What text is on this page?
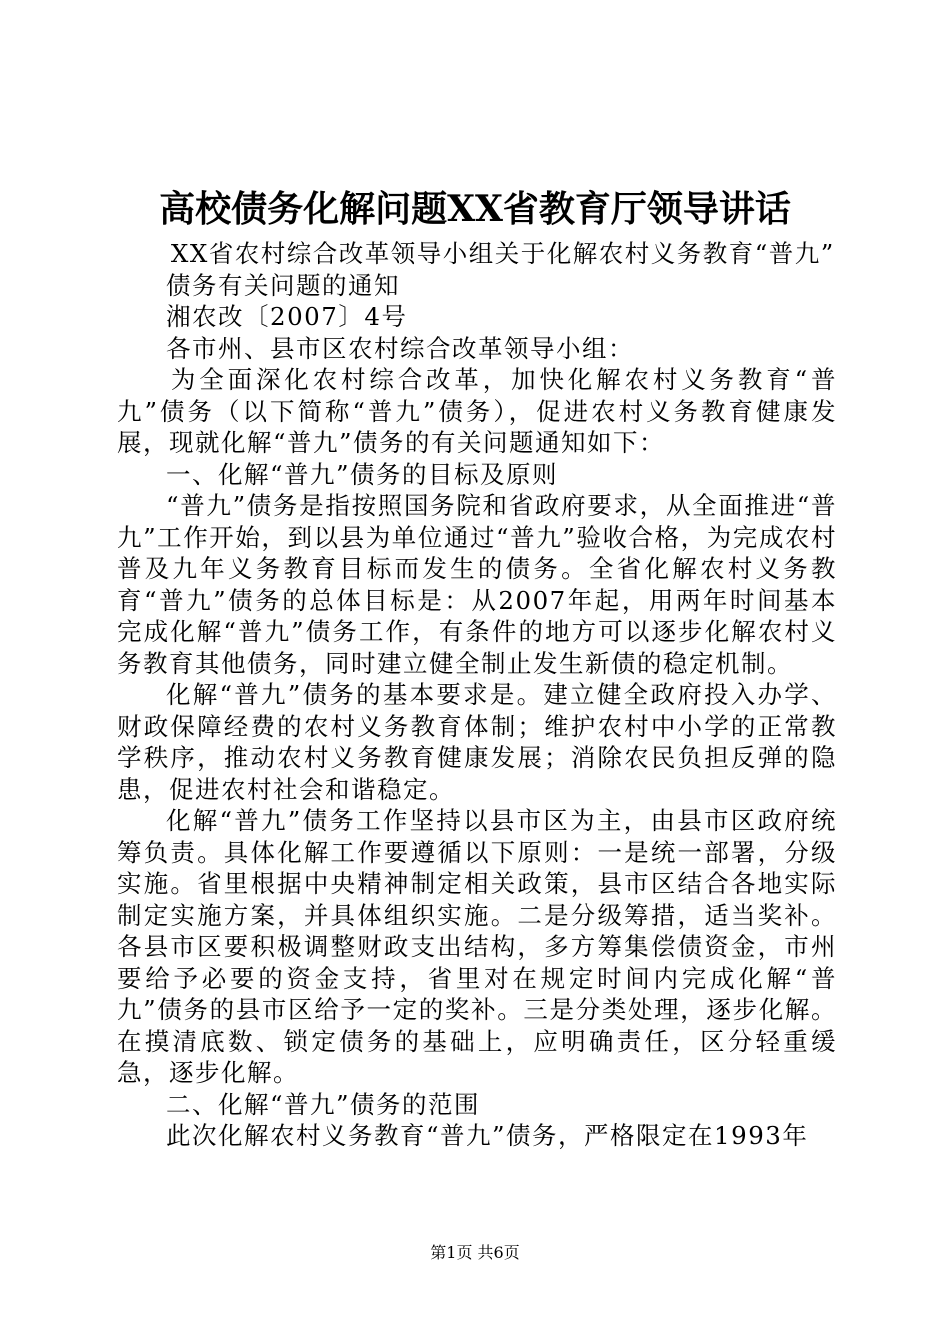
高校债务化解问题XX省教育厅领导讲话

XX省农村综合改革领导小组关于化解农村义务教育“普九”

债务有关问题的通知

湘农改〔2007〕4号

各市州、县市区农村综合改革领导小组：

为全面深化农村综合改革，加快化解农村义务教育“普九”债务（以下简称“普九”债务），促进农村义务教育健康发展，现就化解“普九”债务的有关问题通知如下：

一、化解“普九”债务的目标及原则

“普九”债务是指按照国务院和省政府要求，从全面推进“普九”工作开始，到以县为单位通过“普九”验收合格，为完成农村普及九年义务教育目标而发生的债务。全省化解农村义务教育“普九”债务的总体目标是：从2007年起，用两年时间基本完成化解“普九”债务工作，有条件的地方可以逐步化解农村义务教育其他债务，同时建立健全制止发生新债的稳定机制。

化解“普九”债务的基本要求是。建立健全政府投入办学、财政保障经费的农村义务教育体制；维护农村中小学的正常教学秩序，推动农村义务教育健康发展；消除农民负担反弹的隐患，促进农村社会和谐稳定。

化解“普九”债务工作坚持以县市区为主，由县市区政府统筹负责。具体化解工作要遵循以下原则：一是统一部署，分级实施。省里根据中央精神制定相关政策，县市区结合各地实际制定实施方案，并具体组织实施。二是分级筹措，适当奖补。各县市区要积极调整财政支出结构，多方筹集偿债资金，市州要给予必要的资金支持，省里对在规定时间内完成化解“普九”债务的县市区给予一定的奖补。三是分类处理，逐步化解。在摸清底数、锁定债务的基础上，应明确责任，区分轻重缓急，逐步化解。

二、化解“普九”债务的范围

此次化解农村义务教育“普九”债务，严格限定在1993年

第1页 共6页
